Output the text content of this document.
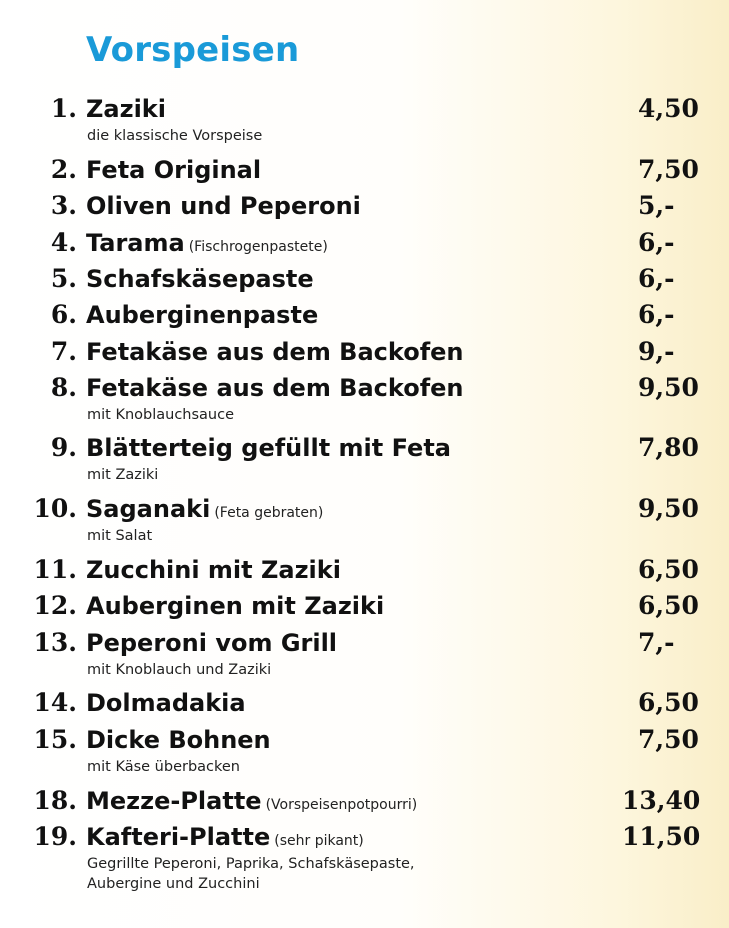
Vorspeisen
1. Zaziki	4,50
die klassische Vorspeise
2. Feta Original	7,50
3. Oliven und Peperoni	5,-
4. Tarama (Fischrogenpastete)	6,-
5. Schafskäsepaste	6,-
6. Auberginenpaste	6,-
7. Fetakäse aus dem Backofen	9,-
8. Fetakäse aus dem Backofen	9,50
mit Knoblauchsauce
9. Blätterteig gefüllt mit Feta	7,80
mit Zaziki
10. Saganaki (Feta gebraten)	9,50
mit Salat
11. Zucchini mit Zaziki	6,50
12. Auberginen mit Zaziki	6,50
13. Peperoni vom Grill	7,-
mit Knoblauch und Zaziki
14. Dolmadakia	6,50
15. Dicke Bohnen	7,50
mit Käse überbacken
18. Mezze-Platte (Vorspeisenpotpourri)	13,40
19. Kafteri-Platte (sehr pikant)	11,50
Gegrillte Peperoni, Paprika, Schafskäsepaste,
Aubergine und Zucchini
